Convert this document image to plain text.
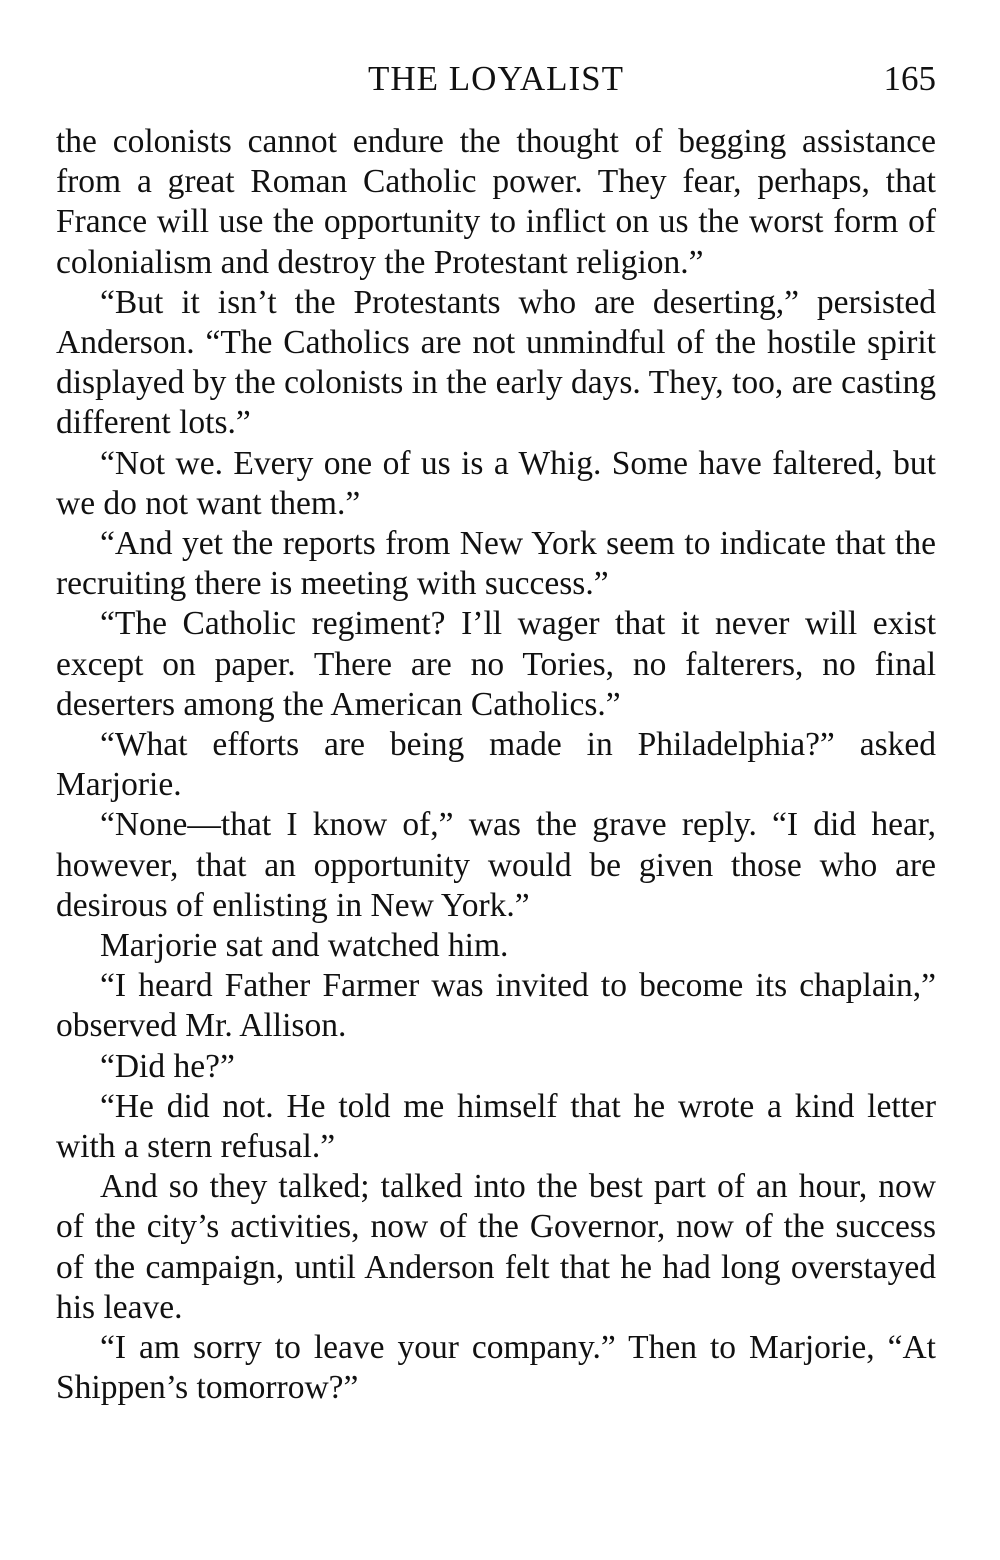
THE LOYALIST	165

the colonists cannot endure the thought of begging assistance from a great Roman Catholic power. They fear, perhaps, that France will use the opportunity to inflict on us the worst form of colonialism and destroy the Protestant religion.”

“But it isn’t the Protestants who are deserting,” persisted Anderson. “The Catholics are not unmindful of the hostile spirit displayed by the colonists in the early days. They, too, are casting different lots.”

“Not we. Every one of us is a Whig. Some have faltered, but we do not want them.”

“And yet the reports from New York seem to indicate that the recruiting there is meeting with success.”

“The Catholic regiment? I’ll wager that it never will exist except on paper. There are no Tories, no falterers, no final deserters among the American Catholics.”

“What efforts are being made in Philadelphia?” asked Marjorie.

“None—that I know of,” was the grave reply. “I did hear, however, that an opportunity would be given those who are desirous of enlisting in New York.”

Marjorie sat and watched him.

“I heard Father Farmer was invited to become its chaplain,” observed Mr. Allison.

“Did he?”

“He did not. He told me himself that he wrote a kind letter with a stern refusal.”

And so they talked; talked into the best part of an hour, now of the city’s activities, now of the Governor, now of the success of the campaign, until Anderson felt that he had long overstayed his leave.

“I am sorry to leave your company.” Then to Marjorie, “At Shippen’s tomorrow?”
